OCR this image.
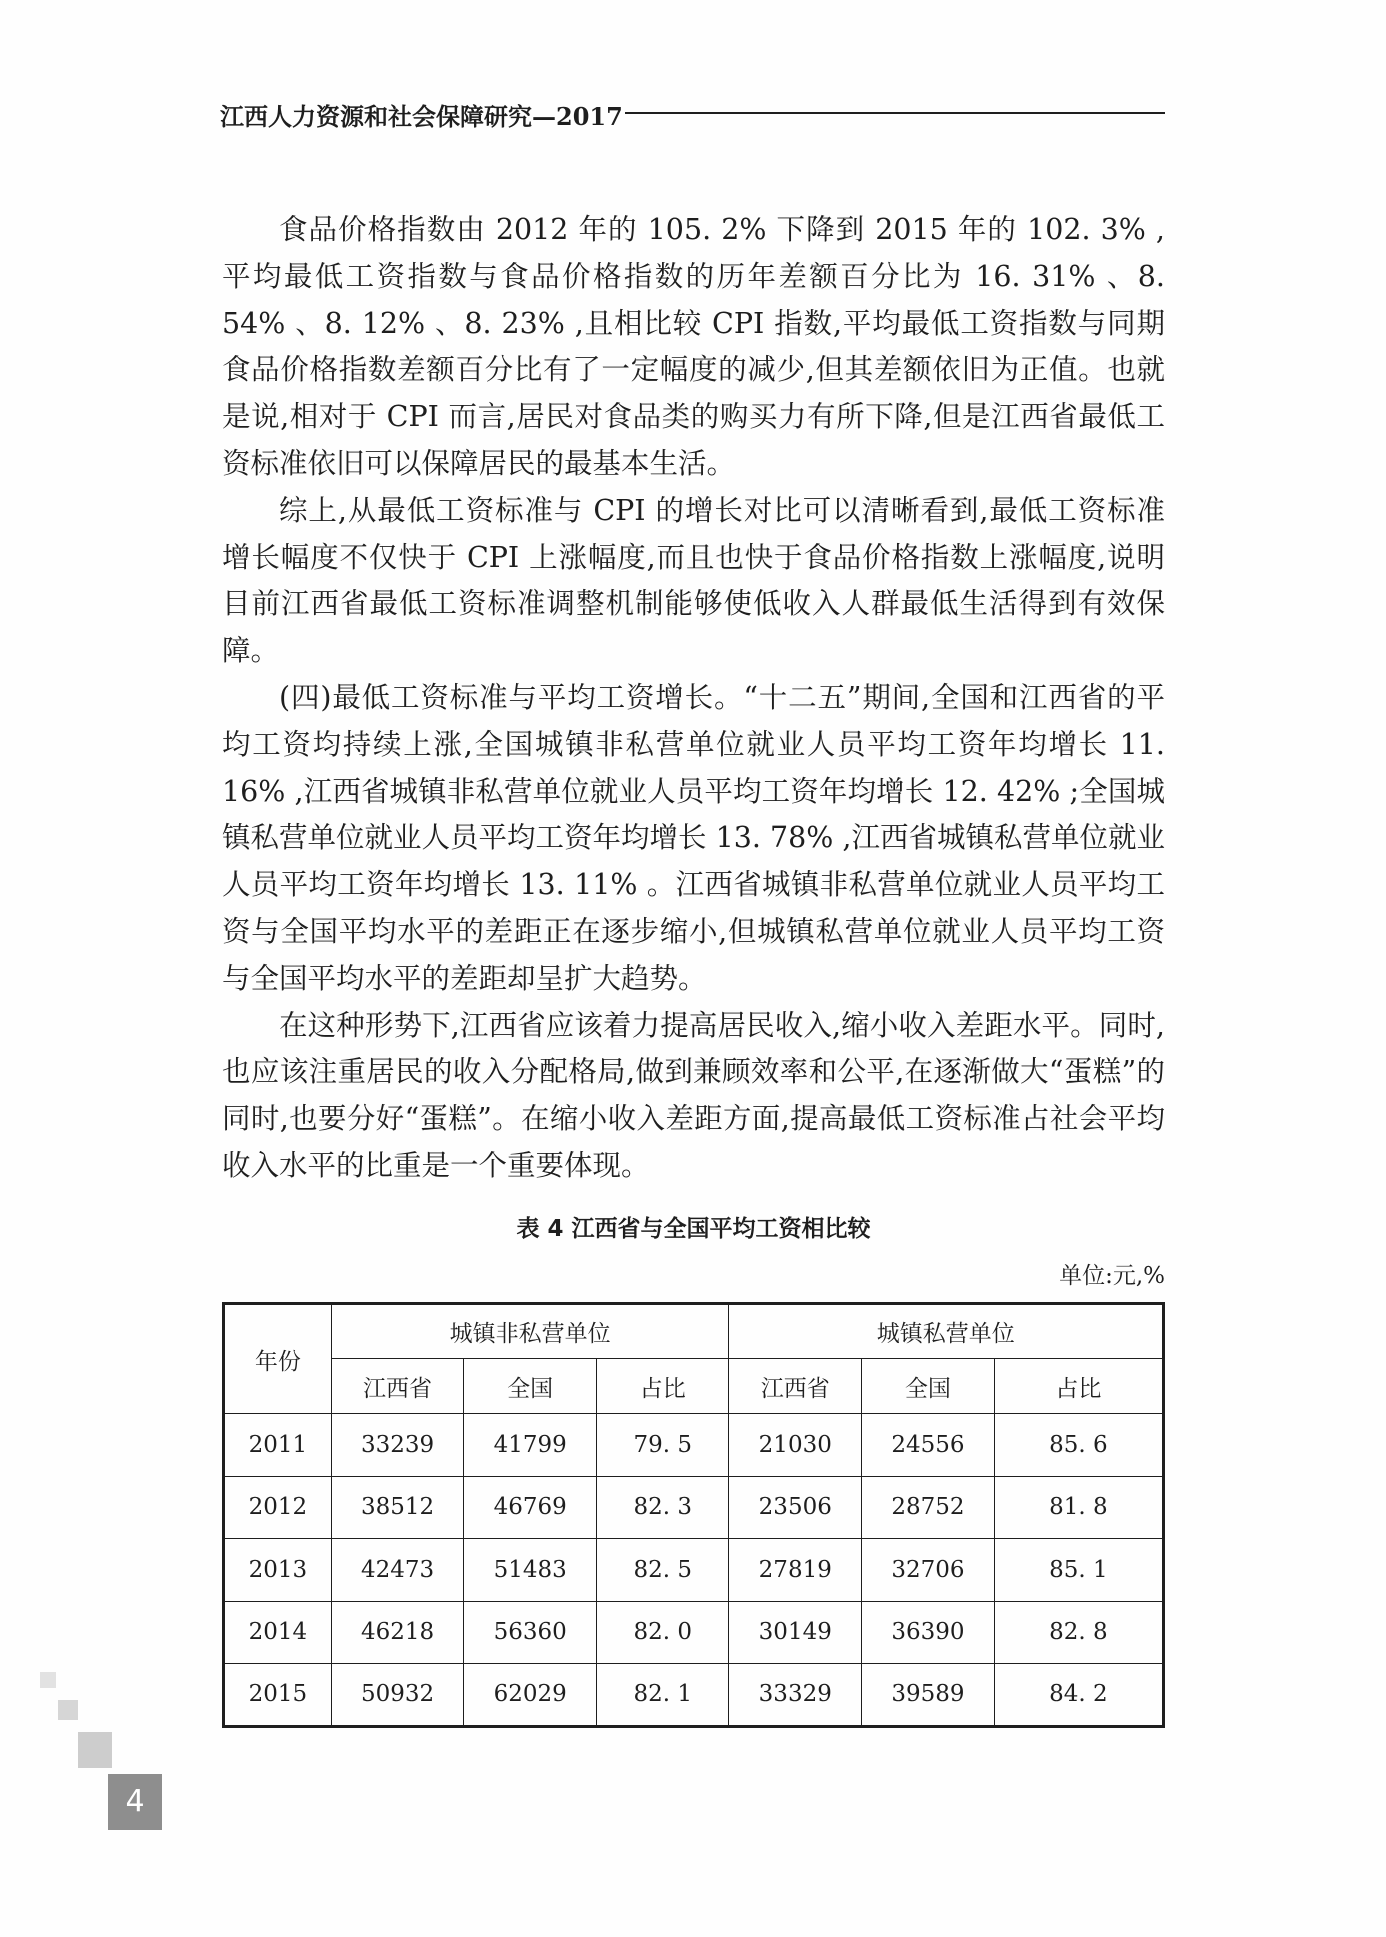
江西人力资源和社会保障研究—2017

食品价格指数由 2012 年的 105. 2% 下降到 2015 年的 102. 3% ,平均最低工资指数与食品价格指数的历年差额百分比为 16. 31% 、8. 54% 、8. 12% 、8. 23% ,且相比较 CPI 指数,平均最低工资指数与同期食品价格指数差额百分比有了一定幅度的减少,但其差额依旧为正值。也就是说,相对于 CPI 而言,居民对食品类的购买力有所下降,但是江西省最低工资标准依旧可以保障居民的最基本生活。

综上,从最低工资标准与 CPI 的增长对比可以清晰看到,最低工资标准增长幅度不仅快于 CPI 上涨幅度,而且也快于食品价格指数上涨幅度,说明目前江西省最低工资标准调整机制能够使低收入人群最低生活得到有效保障。

(四)最低工资标准与平均工资增长。“十二五”期间,全国和江西省的平均工资均持续上涨,全国城镇非私营单位就业人员平均工资年均增长 11. 16% ,江西省城镇非私营单位就业人员平均工资年均增长 12. 42% ;全国城镇私营单位就业人员平均工资年均增长 13. 78% ,江西省城镇私营单位就业人员平均工资年均增长 13. 11% 。江西省城镇非私营单位就业人员平均工资与全国平均水平的差距正在逐步缩小,但城镇私营单位就业人员平均工资与全国平均水平的差距却呈扩大趋势。

在这种形势下,江西省应该着力提高居民收入,缩小收入差距水平。同时,也应该注重居民的收入分配格局,做到兼顾效率和公平,在逐渐做大“蛋糕”的同时,也要分好“蛋糕”。在缩小收入差距方面,提高最低工资标准占社会平均收入水平的比重是一个重要体现。

表 4 江西省与全国平均工资相比较
单位:元,%
年份	城镇非私营单位			城镇私营单位		
	江西省	全国	占比	江西省	全国	占比
2011	33239	41799	79. 5	21030	24556	85. 6
2012	38512	46769	82. 3	23506	28752	81. 8
2013	42473	51483	82. 5	27819	32706	85. 1
2014	46218	56360	82. 0	30149	36390	82. 8
2015	50932	62029	82. 1	33329	39589	84. 2
4
